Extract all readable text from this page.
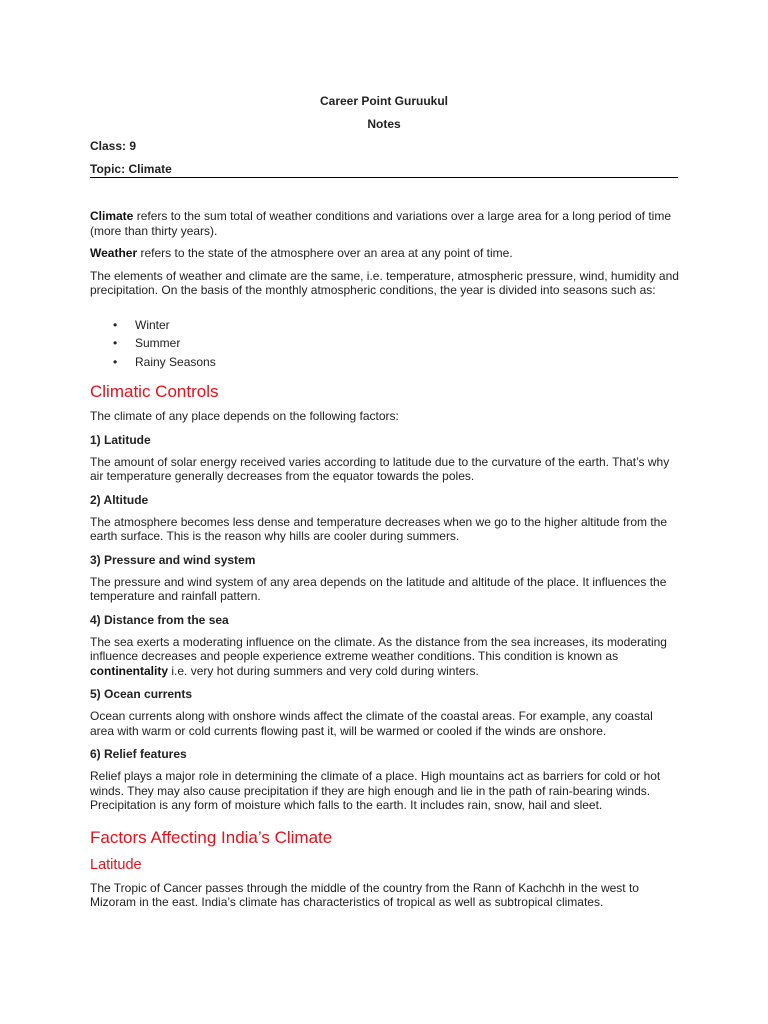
Career Point Guruukul
Notes
Class: 9
Topic: Climate

Climate refers to the sum total of weather conditions and variations over a large area for a long period of time (more than thirty years).

Weather refers to the state of the atmosphere over an area at any point of time.

The elements of weather and climate are the same, i.e. temperature, atmospheric pressure, wind, humidity and precipitation. On the basis of the monthly atmospheric conditions, the year is divided into seasons such as:

• Winter
• Summer
• Rainy Seasons
Climatic Controls

The climate of any place depends on the following factors:

1) Latitude

The amount of solar energy received varies according to latitude due to the curvature of the earth. That’s why air temperature generally decreases from the equator towards the poles.

2) Altitude

The atmosphere becomes less dense and temperature decreases when we go to the higher altitude from the earth surface. This is the reason why hills are cooler during summers.

3) Pressure and wind system

The pressure and wind system of any area depends on the latitude and altitude of the place. It influences the temperature and rainfall pattern.

4) Distance from the sea

The sea exerts a moderating influence on the climate. As the distance from the sea increases, its moderating influence decreases and people experience extreme weather conditions. This condition is known as continentality i.e. very hot during summers and very cold during winters.

5) Ocean currents

Ocean currents along with onshore winds affect the climate of the coastal areas. For example, any coastal area with warm or cold currents flowing past it, will be warmed or cooled if the winds are onshore.

6) Relief features

Relief plays a major role in determining the climate of a place. High mountains act as barriers for cold or hot winds. They may also cause precipitation if they are high enough and lie in the path of rain-bearing winds. Precipitation is any form of moisture which falls to the earth. It includes rain, snow, hail and sleet.

Factors Affecting India’s Climate
Latitude

The Tropic of Cancer passes through the middle of the country from the Rann of Kachchh in the west to Mizoram in the east. India’s climate has characteristics of tropical as well as subtropical climates.
